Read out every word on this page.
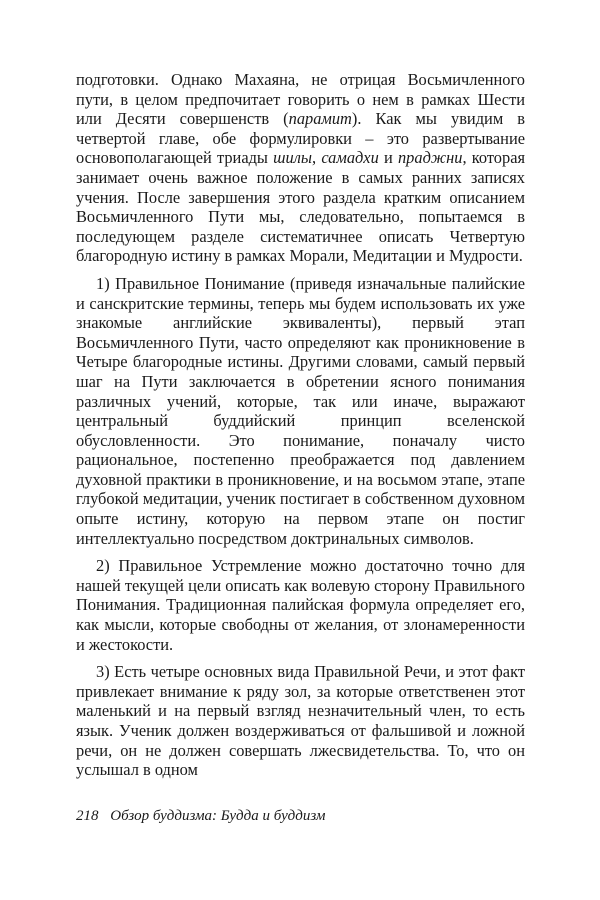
подготовки. Однако Махаяна, не отрицая Восьмичленного пути, в целом предпочитает говорить о нем в рамках Шести или Десяти совершенств (парамит). Как мы увидим в четвертой главе, обе формулировки – это развертывание основополагающей триады шилы, самадхи и праджни, которая занимает очень важное положение в самых ранних записях учения. После завершения этого раздела кратким описанием Восьмичленного Пути мы, следовательно, попытаемся в последующем разделе систематичнее описать Четвертую благородную истину в рамках Морали, Медитации и Мудрости.

1) Правильное Понимание (приведя изначальные палийские и санскритские термины, теперь мы будем использовать их уже знакомые английские эквиваленты), первый этап Восьмичленного Пути, часто определяют как проникновение в Четыре благородные истины. Другими словами, самый первый шаг на Пути заключается в обретении ясного понимания различных учений, которые, так или иначе, выражают центральный буддийский принцип вселенской обусловленности. Это понимание, поначалу чисто рациональное, постепенно преображается под давлением духовной практики в проникновение, и на восьмом этапе, этапе глубокой медитации, ученик постигает в собственном духовном опыте истину, которую на первом этапе он постиг интеллектуально посредством доктринальных символов.

2) Правильное Устремление можно достаточно точно для нашей текущей цели описать как волевую сторону Правильного Понимания. Традиционная палийская формула определяет его, как мысли, которые свободны от желания, от злонамеренности и жестокости.

3) Есть четыре основных вида Правильной Речи, и этот факт привлекает внимание к ряду зол, за которые ответственен этот маленький и на первый взгляд незначительный член, то есть язык. Ученик должен воздерживаться от фальшивой и ложной речи, он не должен совершать лжесвидетельства. То, что он услышал в одном

218 Обзор буддизма: Будда и буддизм
